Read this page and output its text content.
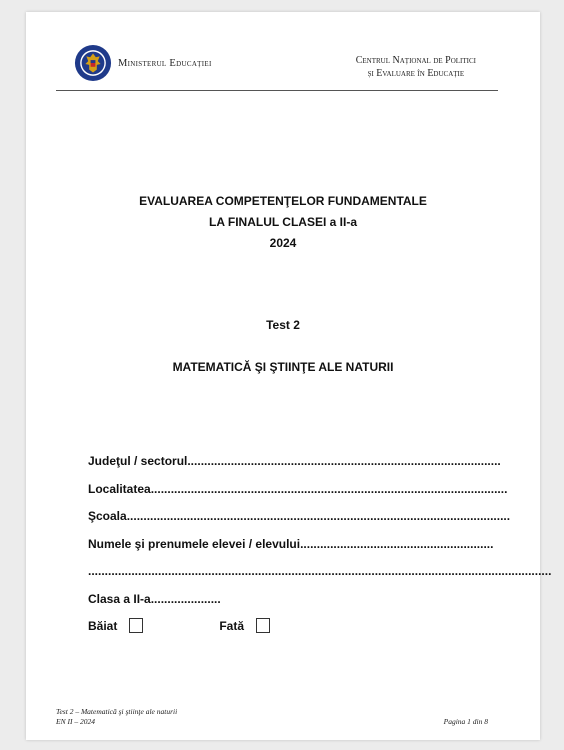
Ministerul Educației	Centrul Național de Politici
și Evaluare în Educație
EVALUAREA COMPETENŢELOR FUNDAMENTALE
LA FINALUL CLASEI a II-a
2024
Test 2
MATEMATICĂ ŞI ŞTIINŢE ALE NATURII
Judeţul / sectorul..............................................................................................
Localitatea...........................................................................................................
Şcoala...................................................................................................................
Numele şi prenumele elevei / elevului..........................................................
...........................................................................................................................................
Clasa a II-a.....................
Băiat	Fată
Test 2 – Matematică şi ştiinţe ale naturii
EN II – 2024	Pagina 1 din 8
